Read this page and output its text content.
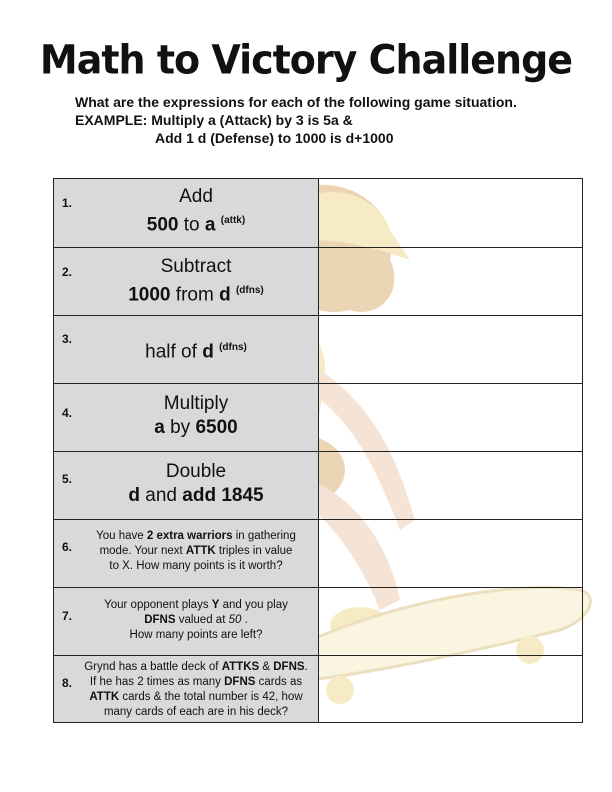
Math to Victory Challenge
What are the expressions for each of the following game situation.
EXAMPLE: Multiply a (Attack) by 3 is 5a &
Add 1 d (Defense) to 1000 is d+1000
1.	Add
500 to a $^{(attk)}$
2.	Subtract
1000 from d $^{(dfns)}$
3.
half of d $^{(dfns)}$
4.	Multiply
a by 6500
5.	Double
d and add 1845
6.
You have 2 extra warriors in gathering
mode. Your next ATTK triples in value
to X. How many points is it worth?
7.
Your opponent plays Y and you play
DFNS valued at 50 .
How many points are left?
8.
Grynd has a battle deck of ATTKS & DFNS.
If he has 2 times as many DFNS cards as
ATTK cards & the total number is 42, how
many cards of each are in his deck?
